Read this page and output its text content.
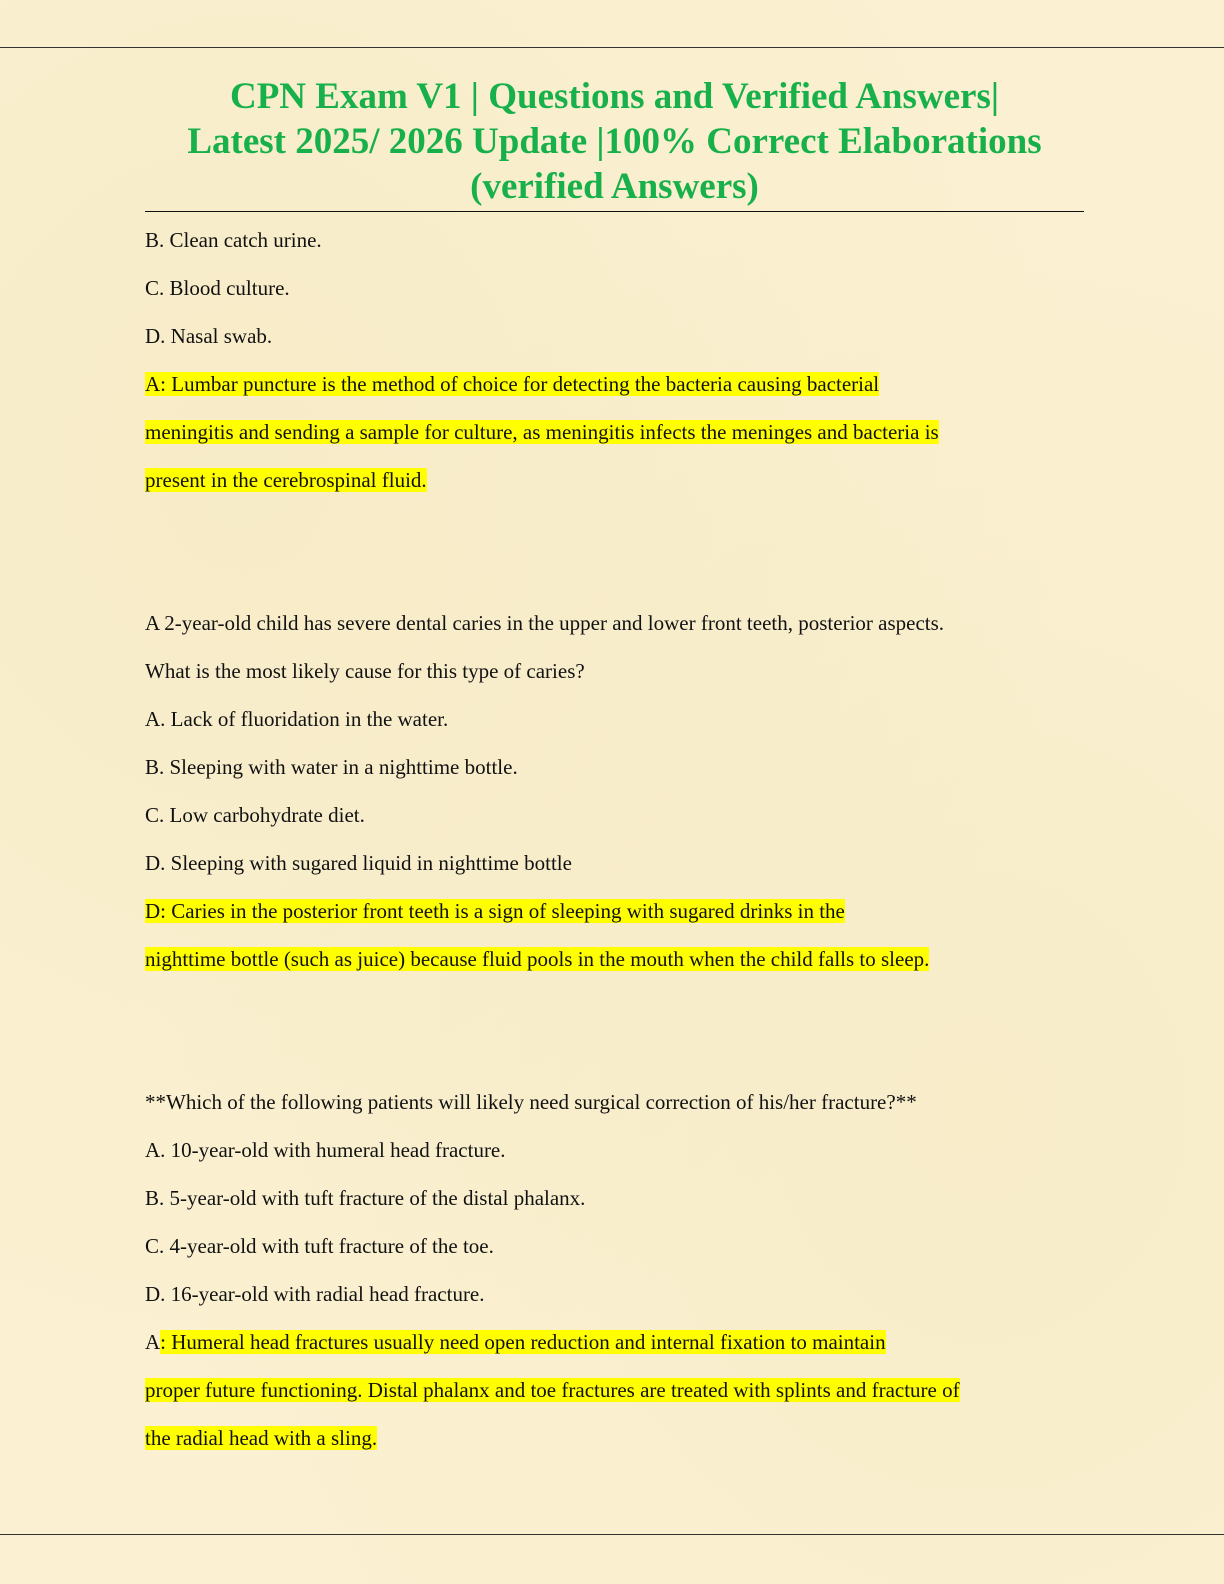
CPN Exam V1 | Questions and Verified Answers|
Latest 2025/ 2026 Update |100% Correct Elaborations
(verified Answers)
B. Clean catch urine.
C. Blood culture.
D. Nasal swab.
A: Lumbar puncture is the method of choice for detecting the bacteria causing bacterial
meningitis and sending a sample for culture, as meningitis infects the meninges and bacteria is
present in the cerebrospinal fluid.
A 2-year-old child has severe dental caries in the upper and lower front teeth, posterior aspects.
What is the most likely cause for this type of caries?
A. Lack of fluoridation in the water.
B. Sleeping with water in a nighttime bottle.
C. Low carbohydrate diet.
D. Sleeping with sugared liquid in nighttime bottle
D: Caries in the posterior front teeth is a sign of sleeping with sugared drinks in the
nighttime bottle (such as juice) because fluid pools in the mouth when the child falls to sleep.
**Which of the following patients will likely need surgical correction of his/her fracture?**
A. 10-year-old with humeral head fracture.
B. 5-year-old with tuft fracture of the distal phalanx.
C. 4-year-old with tuft fracture of the toe.
D. 16-year-old with radial head fracture.
A: Humeral head fractures usually need open reduction and internal fixation to maintain
proper future functioning. Distal phalanx and toe fractures are treated with splints and fracture of
the radial head with a sling.
